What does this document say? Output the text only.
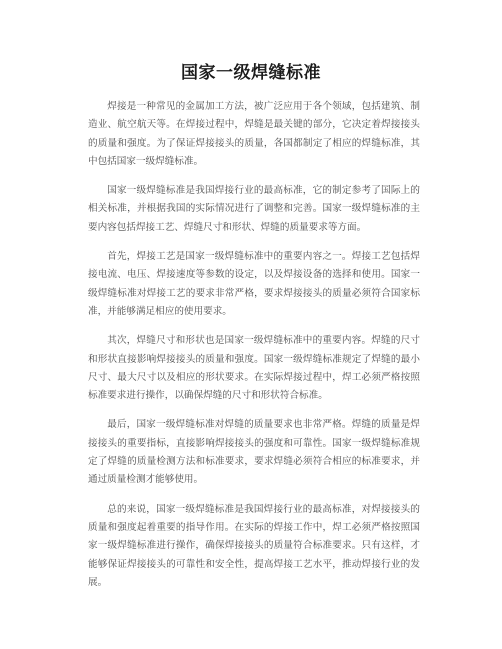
国家一级焊缝标准

焊接是一种常见的金属加工方法，被广泛应用于各个领域，包括建筑、制造业、航空航天等。在焊接过程中，焊缝是最关键的部分，它决定着焊接接头的质量和强度。为了保证焊接接头的质量，各国都制定了相应的焊缝标准，其中包括国家一级焊缝标准。

国家一级焊缝标准是我国焊接行业的最高标准，它的制定参考了国际上的相关标准，并根据我国的实际情况进行了调整和完善。国家一级焊缝标准的主要内容包括焊接工艺、焊缝尺寸和形状、焊缝的质量要求等方面。

首先，焊接工艺是国家一级焊缝标准中的重要内容之一。焊接工艺包括焊接电流、电压、焊接速度等参数的设定，以及焊接设备的选择和使用。国家一级焊缝标准对焊接工艺的要求非常严格，要求焊接接头的质量必须符合国家标准，并能够满足相应的使用要求。

其次，焊缝尺寸和形状也是国家一级焊缝标准中的重要内容。焊缝的尺寸和形状直接影响焊接接头的质量和强度。国家一级焊缝标准规定了焊缝的最小尺寸、最大尺寸以及相应的形状要求。在实际焊接过程中，焊工必须严格按照标准要求进行操作，以确保焊缝的尺寸和形状符合标准。

最后，国家一级焊缝标准对焊缝的质量要求也非常严格。焊缝的质量是焊接接头的重要指标，直接影响焊接接头的强度和可靠性。国家一级焊缝标准规定了焊缝的质量检测方法和标准要求，要求焊缝必须符合相应的标准要求，并通过质量检测才能够使用。

总的来说，国家一级焊缝标准是我国焊接行业的最高标准，对焊接接头的质量和强度起着重要的指导作用。在实际的焊接工作中，焊工必须严格按照国家一级焊缝标准进行操作，确保焊接接头的质量符合标准要求。只有这样，才能够保证焊接接头的可靠性和安全性，提高焊接工艺水平，推动焊接行业的发展。
